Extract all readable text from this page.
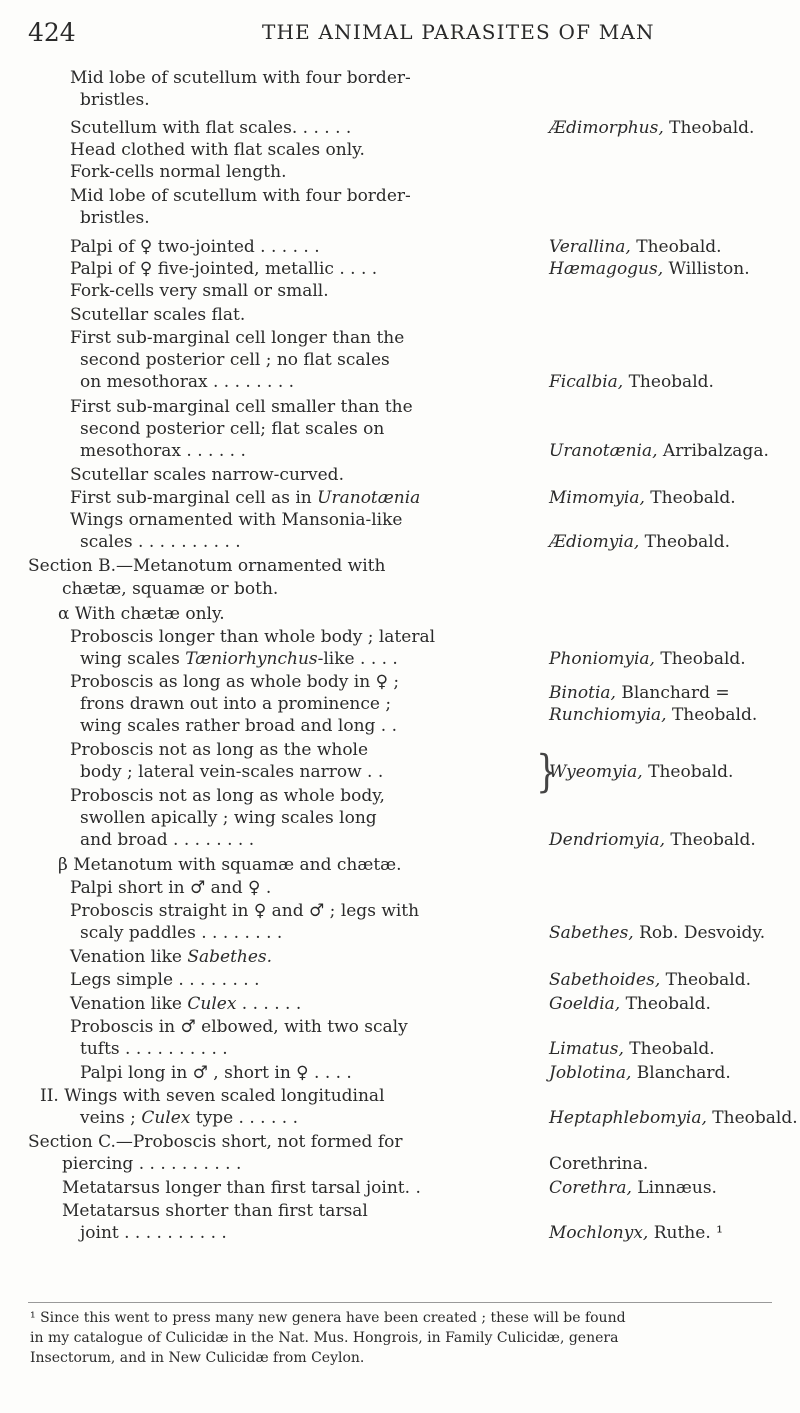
424	THE ANIMAL PARASITES OF MAN
Mid lobe of scutellum with four border-
bristles.
Scutellum with flat scales. . . . . .
Head clothed with flat scales only.
Fork-cells normal length.
Mid lobe of scutellum with four border-
bristles.
Palpi of ♀ two-jointed . . . . . .
Palpi of ♀ five-jointed, metallic . . . .
Fork-cells very small or small.
Scutellar scales flat.
First sub-marginal cell longer than the
second posterior cell ; no flat scales
on mesothorax . . . . . . . .
First sub-marginal cell smaller than the
second posterior cell; flat scales on
mesothorax . . . . . .
Scutellar scales narrow-curved.
First sub-marginal cell as in Uranotænia
Wings ornamented with Mansonia-like
scales . . . . . . . . . .
Section B.—Metanotum ornamented with
chætæ, squamæ or both.
α With chætæ only.
Proboscis longer than whole body ; lateral
wing scales Tæniorhynchus-like . . . .
Proboscis as long as whole body in ♀ ;
frons drawn out into a prominence ;
wing scales rather broad and long . .
Proboscis not as long as the whole
body ; lateral vein-scales narrow . .
Proboscis not as long as whole body,
swollen apically ; wing scales long
and broad . . . . . . . .
β Metanotum with squamæ and chætæ.
Palpi short in ♂ and ♀ .
Proboscis straight in ♀ and ♂ ; legs with
scaly paddles . . . . . . . .
Venation like Sabethes.
Legs simple . . . . . . . .
Venation like Culex . . . . . .
Proboscis in ♂ elbowed, with two scaly
tufts . . . . . . . . . .
Palpi long in ♂ , short in ♀ . . . .
II. Wings with seven scaled longitudinal
veins ; Culex type . . . . . .
Section C.—Proboscis short, not formed for
piercing . . . . . . . . . .
Metatarsus longer than first tarsal joint. .
Metatarsus shorter than first tarsal
joint . . . . . . . . . .
Ædimorphus, Theobald.
Verallina, Theobald.
Hæmagogus, Williston.
Ficalbia, Theobald.
Uranotænia, Arribalzaga.
Mimomyia, Theobald.
Ædiomyia, Theobald.
Phoniomyia, Theobald.
Binotia, Blanchard =
Runchiomyia, Theobald.
Wyeomyia, Theobald.
Dendriomyia, Theobald.
Sabethes, Rob. Desvoidy.
Sabethoides, Theobald.
Goeldia, Theobald.
Limatus, Theobald.
Joblotina, Blanchard.
Heptaphlebomyia, Theobald.
Corethrina.
Corethra, Linnæus.
Mochlonyx, Ruthe. ¹
}
¹ Since this went to press many new genera have been created ; these will be found
in my catalogue of Culicidæ in the Nat. Mus. Hongrois, in Family Culicidæ, genera
Insectorum, and in New Culicidæ from Ceylon.
